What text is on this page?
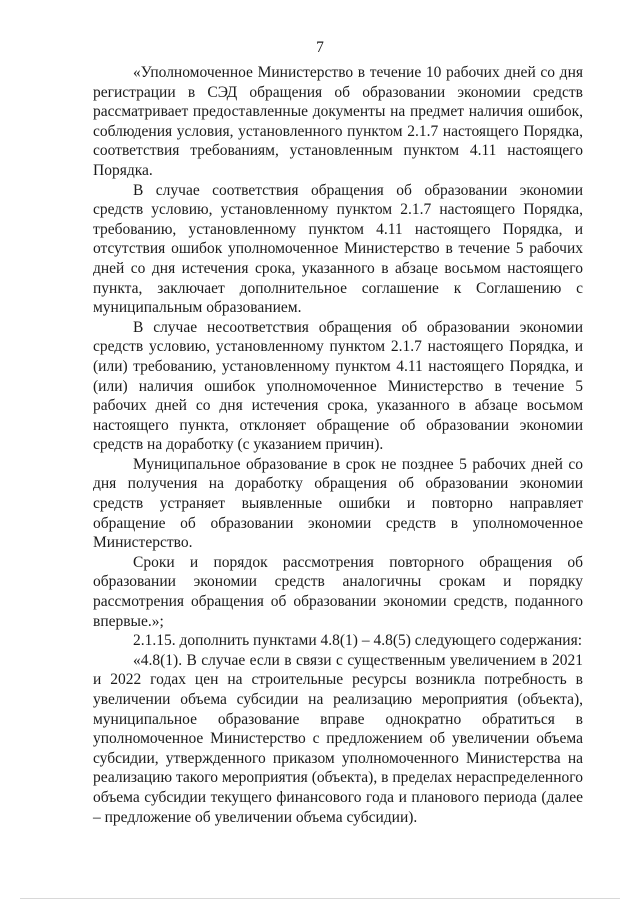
7

«Уполномоченное Министерство в течение 10 рабочих дней со дня регистрации в СЭД обращения об образовании экономии средств рассматривает предоставленные документы на предмет наличия ошибок, соблюдения условия, установленного пунктом 2.1.7 настоящего Порядка, соответствия требованиям, установленным пунктом 4.11 настоящего Порядка.

В случае соответствия обращения об образовании экономии средств условию, установленному пунктом 2.1.7 настоящего Порядка, требованию, установленному пунктом 4.11 настоящего Порядка, и отсутствия ошибок уполномоченное Министерство в течение 5 рабочих дней со дня истечения срока, указанного в абзаце восьмом настоящего пункта, заключает дополнительное соглашение к Соглашению с муниципальным образованием.

В случае несоответствия обращения об образовании экономии средств условию, установленному пунктом 2.1.7 настоящего Порядка, и (или) требованию, установленному пунктом 4.11 настоящего Порядка, и (или) наличия ошибок уполномоченное Министерство в течение 5 рабочих дней со дня истечения срока, указанного в абзаце восьмом настоящего пункта, отклоняет обращение об образовании экономии средств на доработку (с указанием причин).

Муниципальное образование в срок не позднее 5 рабочих дней со дня получения на доработку обращения об образовании экономии средств устраняет выявленные ошибки и повторно направляет обращение об образовании экономии средств в уполномоченное Министерство.

Сроки и порядок рассмотрения повторного обращения об образовании экономии средств аналогичны срокам и порядку рассмотрения обращения об образовании экономии средств, поданного впервые.»;

2.1.15. дополнить пунктами 4.8(1) – 4.8(5) следующего содержания:

«4.8(1). В случае если в связи с существенным увеличением в 2021 и 2022 годах цен на строительные ресурсы возникла потребность в увеличении объема субсидии на реализацию мероприятия (объекта), муниципальное образование вправе однократно обратиться в уполномоченное Министерство с предложением об увеличении объема субсидии, утвержденного приказом уполномоченного Министерства на реализацию такого мероприятия (объекта), в пределах нераспределенного объема субсидии текущего финансового года и планового периода (далее – предложение об увеличении объема субсидии).
